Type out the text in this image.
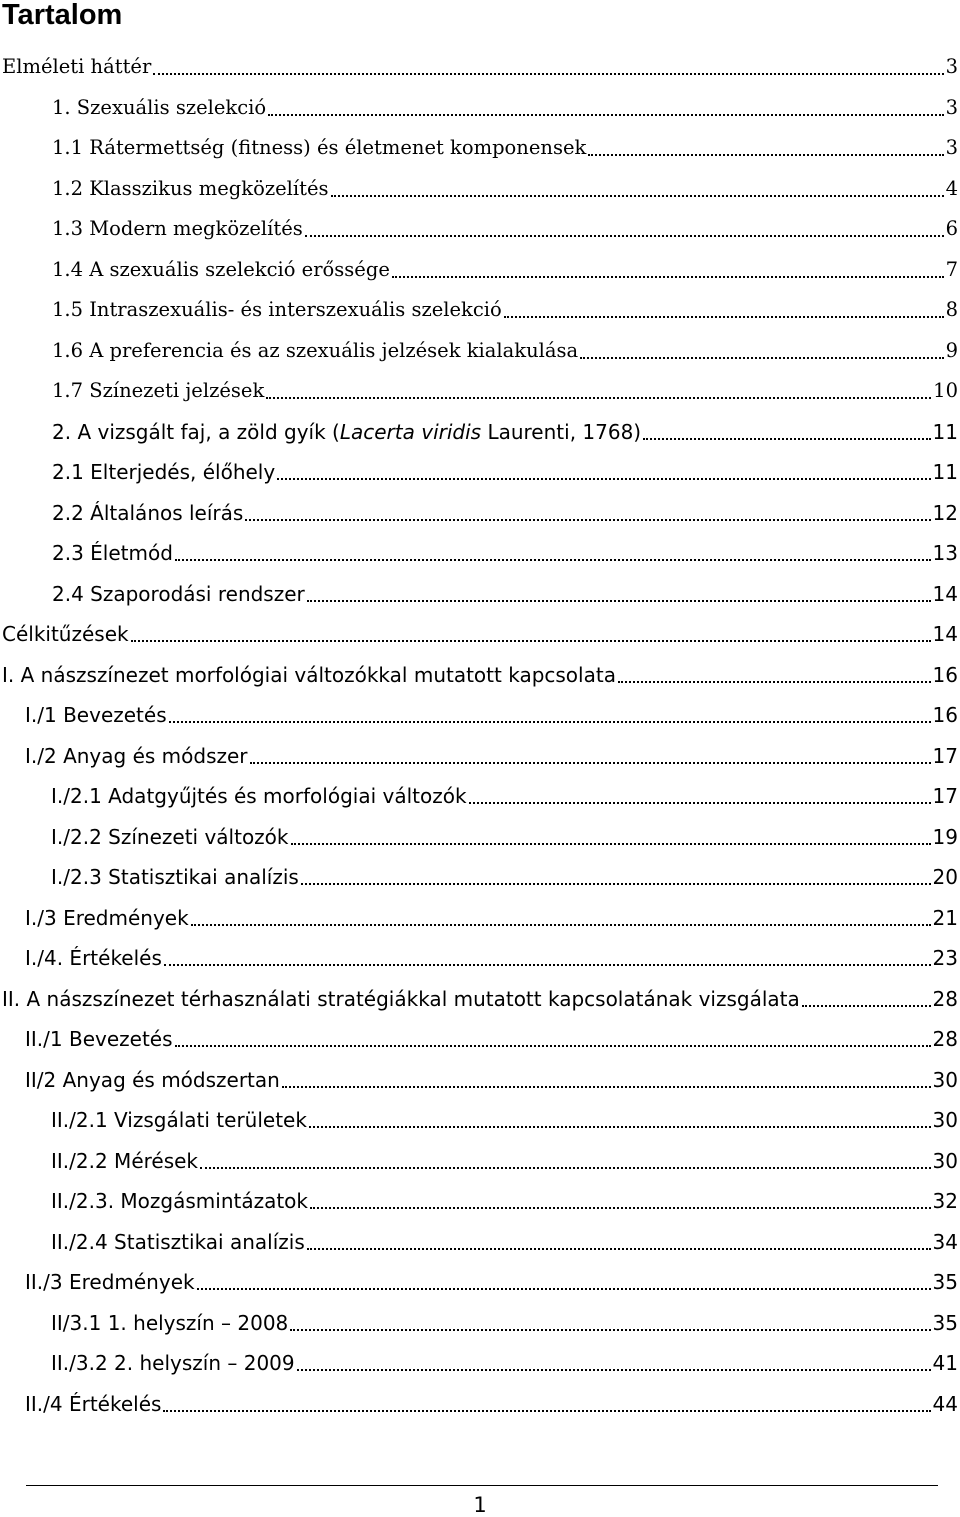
Tartalom
Elméleti háttér	3
1. Szexuális szelekció	3
1.1 Rátermettség (fitness) és életmenet komponensek	3
1.2 Klasszikus megközelítés	4
1.3 Modern megközelítés	6
1.4 A szexuális szelekció erőssége	7
1.5 Intraszexuális- és interszexuális szelekció	8
1.6 A preferencia és az szexuális jelzések kialakulása	9
1.7 Színezeti jelzések	10
2. A vizsgált faj, a zöld gyík (Lacerta viridis Laurenti, 1768)	11
2.1 Elterjedés, élőhely	11
2.2 Általános leírás	12
2.3 Életmód	13
2.4 Szaporodási rendszer	14
Célkitűzések	14
I. A nászszínezet morfológiai változókkal mutatott kapcsolata	16
I./1 Bevezetés	16
I./2 Anyag és módszer	17
I./2.1 Adatgyűjtés és morfológiai változók	17
I./2.2 Színezeti változók	19
I./2.3 Statisztikai analízis	20
I./3 Eredmények	21
I./4. Értékelés	23
II. A nászszínezet térhasználati stratégiákkal mutatott kapcsolatának vizsgálata	28
II./1 Bevezetés	28
II/2 Anyag és módszertan	30
II./2.1 Vizsgálati területek	30
II./2.2 Mérések	30
II./2.3. Mozgásmintázatok	32
II./2.4 Statisztikai analízis	34
II./3 Eredmények	35
II/3.1 1. helyszín – 2008	35
II./3.2 2. helyszín – 2009	41
II./4 Értékelés	44
1
